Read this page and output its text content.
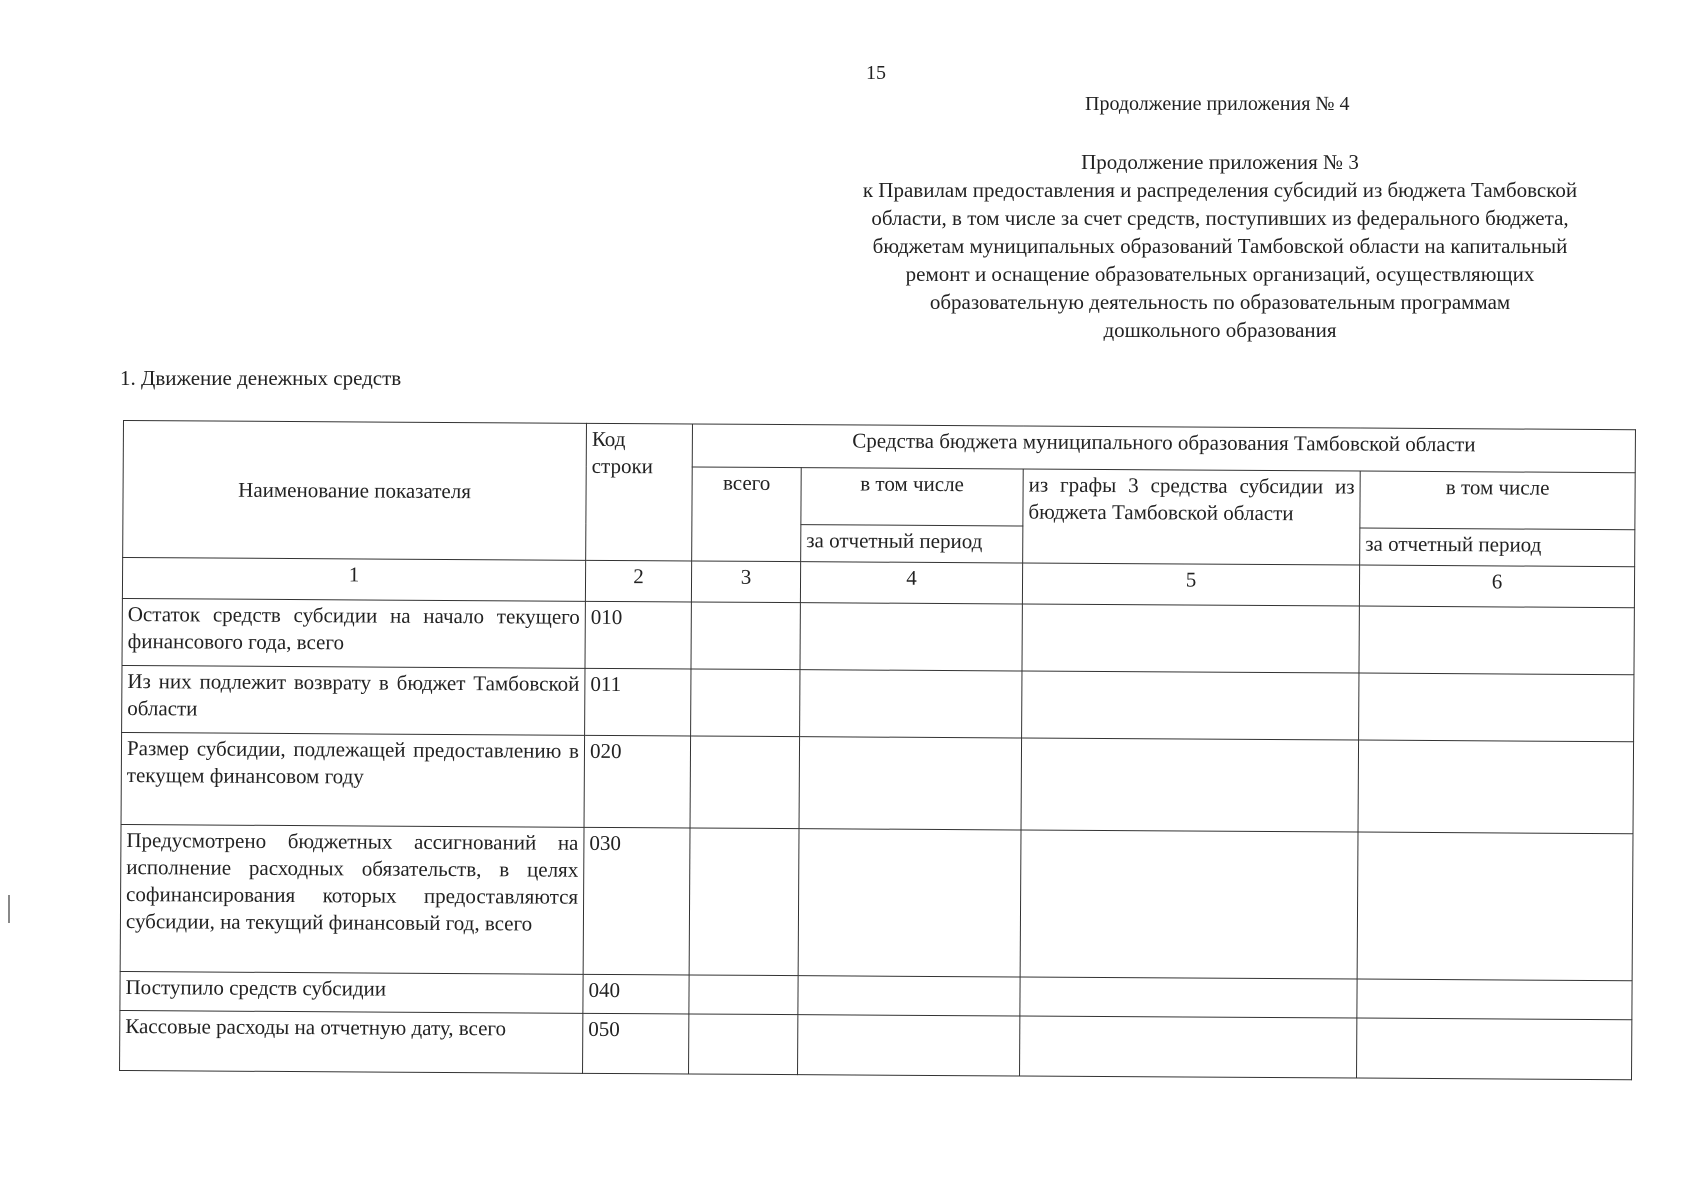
15
Продолжение приложения № 4
Продолжение приложения № 3
к Правилам предоставления и распределения субсидий из бюджета Тамбовской
области, в том числе за счет средств, поступивших из федерального бюджета,
бюджетам муниципальных образований Тамбовской области на капитальный
ремонт и оснащение образовательных организаций, осуществляющих
образовательную деятельность по образовательным программам
дошкольного образования
1. Движение денежных средств
Наименование показателя	Код строки	Средства бюджета муниципального образования Тамбовской области			
		всего	в том числе	из графы 3 средства субсидии из бюджета Тамбовской области	в том числе
			за отчетный период		за отчетный период
1	2	3	4	5	6
Остаток средств субсидии на начало текущего финансового года, всего	010				
Из них подлежит возврату в бюджет Тамбовской области	011				
Размер субсидии, подлежащей предоставлению в текущем финансовом году	020				
Предусмотрено бюджетных ассигнований на исполнение расходных обязательств, в целях софинансирования которых предоставляются субсидии, на текущий финансовый год, всего	030				
Поступило средств субсидии	040				
Кассовые расходы на отчетную дату, всего	050				
